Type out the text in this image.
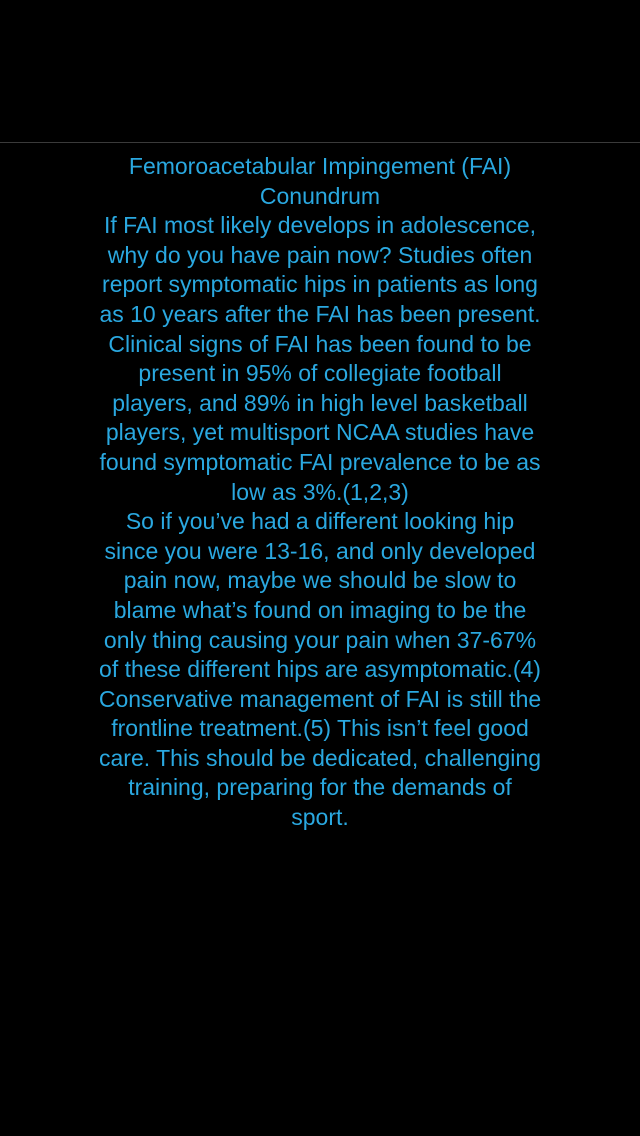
Femoroacetabular Impingement (FAI)
Conundrum

If FAI most likely develops in adolescence,
why do you have pain now? Studies often
report symptomatic hips in patients as long
as 10 years after the FAI has been present.

Clinical signs of FAI has been found to be
present in 95% of collegiate football
players, and 89% in high level basketball
players, yet multisport NCAA studies have
found symptomatic FAI prevalence to be as
low as 3%.(1,2,3)

So if you’ve had a different looking hip
since you were 13-16, and only developed
pain now, maybe we should be slow to
blame what’s found on imaging to be the
only thing causing your pain when 37-67%
of these different hips are asymptomatic.(4)

Conservative management of FAI is still the
frontline treatment.(5) This isn’t feel good
care. This should be dedicated, challenging
training, preparing for the demands of
sport.
